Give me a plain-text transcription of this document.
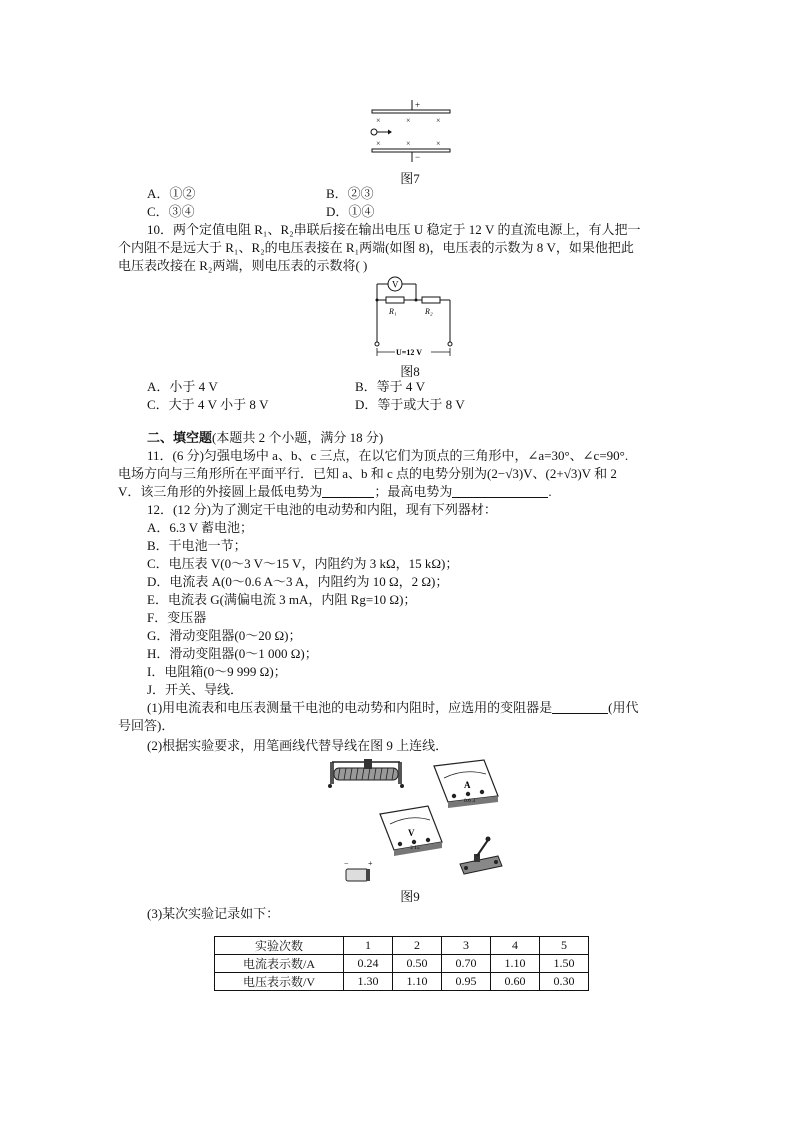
+
×	×	×
×	×	×
−
图7
A．①②	B．②③
C．③④	D．①④
10．两个定值电阻 R₁、R₂串联后接在输出电压 U 稳定于 12 V 的直流电源上，有人把一
个内阻不是远大于 R₁、R₂的电压表接在 R₁两端(如图 8)，电压表的示数为 8 V，如果他把此
电压表改接在 R₂两端，则电压表的示数将( )
V
R₁	R₂
U=12 V
图8
A．小于 4 V	B．等于 4 V
C．大于 4 V 小于 8 V	D．等于或大于 8 V
二、填空题(本题共 2 个小题，满分 18 分)
11．(6 分)匀强电场中 a、b、c 三点，在以它们为顶点的三角形中，∠a=30°、∠c=90°.
电场方向与三角形所在平面平行．已知 a、b 和 c 点的电势分别为(2−√3)V、(2+√3)V 和 2
V．该三角形的外接圆上最低电势为	；最高电势为	.
12．(12 分)为了测定干电池的电动势和内阻，现有下列器材：
A．6.3 V 蓄电池；
B．干电池一节；
C．电压表 V(0～3 V～15 V，内阻约为 3 kΩ，15 kΩ)；
D．电流表 A(0～0.6 A～3 A，内阻约为 10 Ω，2 Ω)；
E．电流表 G(满偏电流 3 mA，内阻 Rg=10 Ω)；
F．变压器
G．滑动变阻器(0～20 Ω)；
H．滑动变阻器(0～1 000 Ω)；
I．电阻箱(0～9 999 Ω)；
J．开关、导线．
(1)用电流表和电压表测量干电池的电动势和内阻时，应选用的变阻器是	(用代
号回答)．
(2)根据实验要求，用笔画线代替导线在图 9 上连线．
A
0.6 3
V
3 15
− +
图9
(3)某次实验记录如下：
实验次数	1	2	3	4	5
电流表示数/A	0.24	0.50	0.70	1.10	1.50
电压表示数/V	1.30	1.10	0.95	0.60	0.30
